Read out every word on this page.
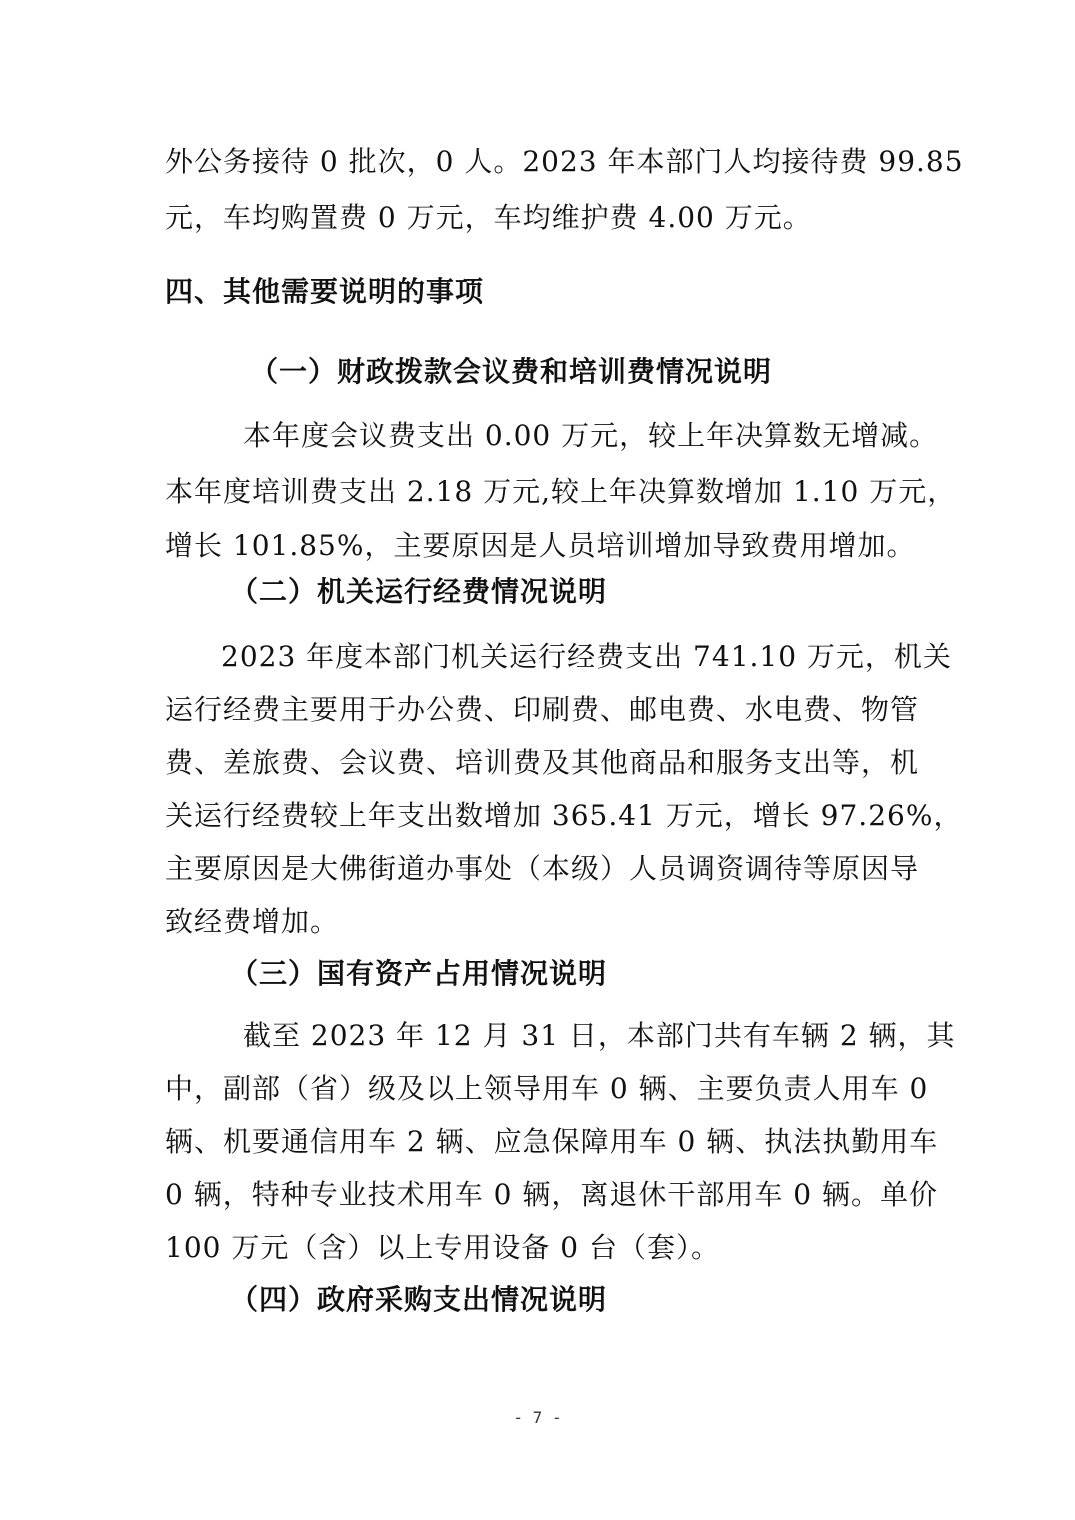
外公务接待 0 批次，0 人。2023 年本部门人均接待费 99.85
元，车均购置费 0 万元，车均维护费 4.00 万元。
四、其他需要说明的事项
（一）财政拨款会议费和培训费情况说明
本年度会议费支出 0.00 万元，较上年决算数无增减。
本年度培训费支出 2.18 万元,较上年决算数增加 1.10 万元，
增长 101.85%，主要原因是人员培训增加导致费用增加。
（二）机关运行经费情况说明
2023 年度本部门机关运行经费支出 741.10 万元，机关
运行经费主要用于办公费、印刷费、邮电费、水电费、物管
费、差旅费、会议费、培训费及其他商品和服务支出等，机
关运行经费较上年支出数增加 365.41 万元，增长 97.26%，
主要原因是大佛街道办事处（本级）人员调资调待等原因导
致经费增加。
（三）国有资产占用情况说明
截至 2023 年 12 月 31 日，本部门共有车辆 2 辆，其
中，副部（省）级及以上领导用车 0 辆、主要负责人用车 0
辆、机要通信用车 2 辆、应急保障用车 0 辆、执法执勤用车
0 辆，特种专业技术用车 0 辆，离退休干部用车 0 辆。单价
100 万元（含）以上专用设备 0 台（套）。
（四）政府采购支出情况说明
- 7 -
